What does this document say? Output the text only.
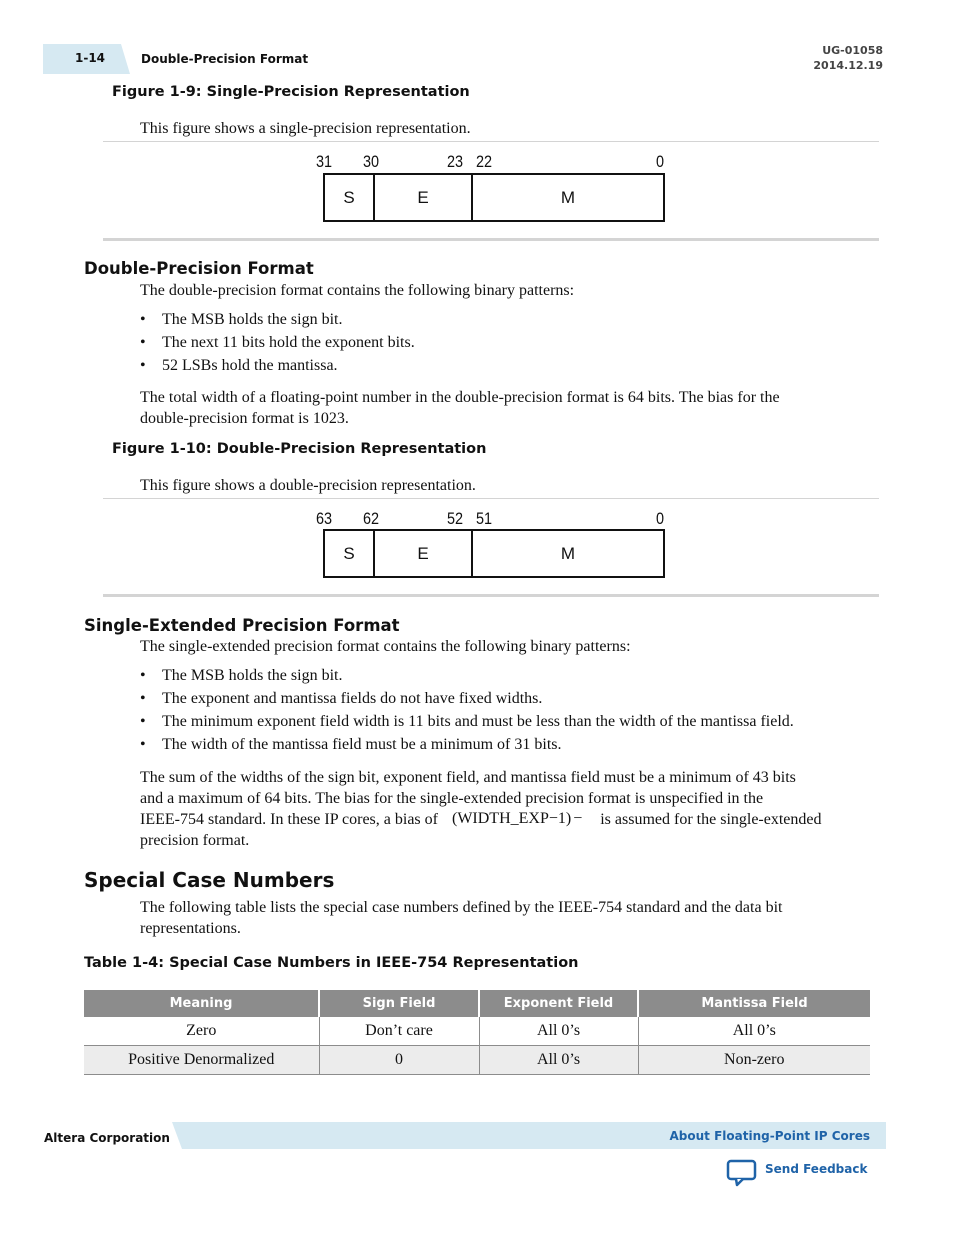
1-14	Double-Precision Format
UG-01058
2014.12.19
Figure 1-9: Single-Precision Representation
This figure shows a single-precision representation.
31 30	23 22	0
S	E	M
Double-Precision Format
The double-precision format contains the following binary patterns:
• The MSB holds the sign bit.
• The next 11 bits hold the exponent bits.
• 52 LSBs hold the mantissa.
The total width of a floating-point number in the double-precision format is 64 bits. The bias for the
double-precision format is 1023.
Figure 1-10: Double-Precision Representation
This figure shows a double-precision representation.
63 62	52 51	0
S	E	M
Single-Extended Precision Format
The single-extended precision format contains the following binary patterns:
• The MSB holds the sign bit.
• The exponent and mantissa fields do not have fixed widths.
• The minimum exponent field width is 11 bits and must be less than the width of the mantissa field.
• The width of the mantissa field must be a minimum of 31 bits.
The sum of the widths of the sign bit, exponent field, and mantissa field must be a minimum of 43 bits
and a maximum of 64 bits. The bias for the single-extended precision format is unspecified in the
IEEE-754 standard. In these IP cores, a bias of (WIDTH_EXP−1) − is assumed for the single-extended
precision format.
Special Case Numbers
The following table lists the special case numbers defined by the IEEE-754 standard and the data bit
representations.
Table 1-4: Special Case Numbers in IEEE-754 Representation
Meaning	Sign Field	Exponent Field	Mantissa Field
Zero	Don’t care	All 0’s	All 0’s
Positive Denormalized	0	All 0’s	Non-zero
Altera Corporation	About Floating-Point IP Cores
Send Feedback
